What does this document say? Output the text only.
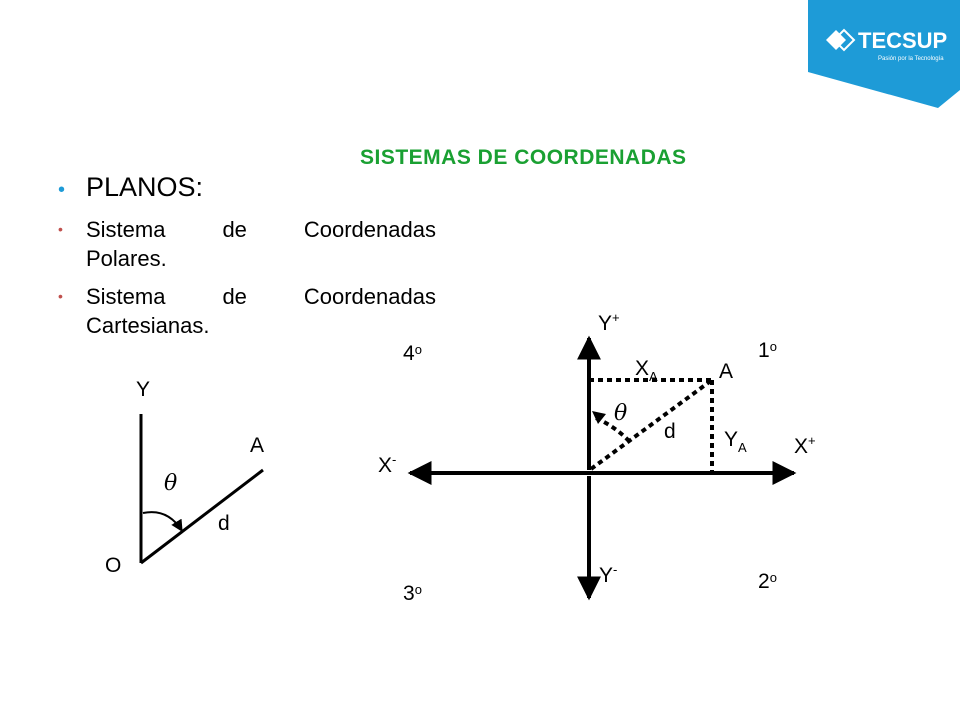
TECSUP
Pasión por la Tecnología
SISTEMAS DE COORDENADAS
• PLANOS:
•	Sistema	de	Coordenadas
Polares.
•	Sistema	de	Coordenadas
Cartesianas.
Y
A
θ
d
O
Y+
Y-
X+
X-
1$^o$
2$^o$
3$^o$
4$^o$
A
$X_A$
$Y_A$
θ
d
